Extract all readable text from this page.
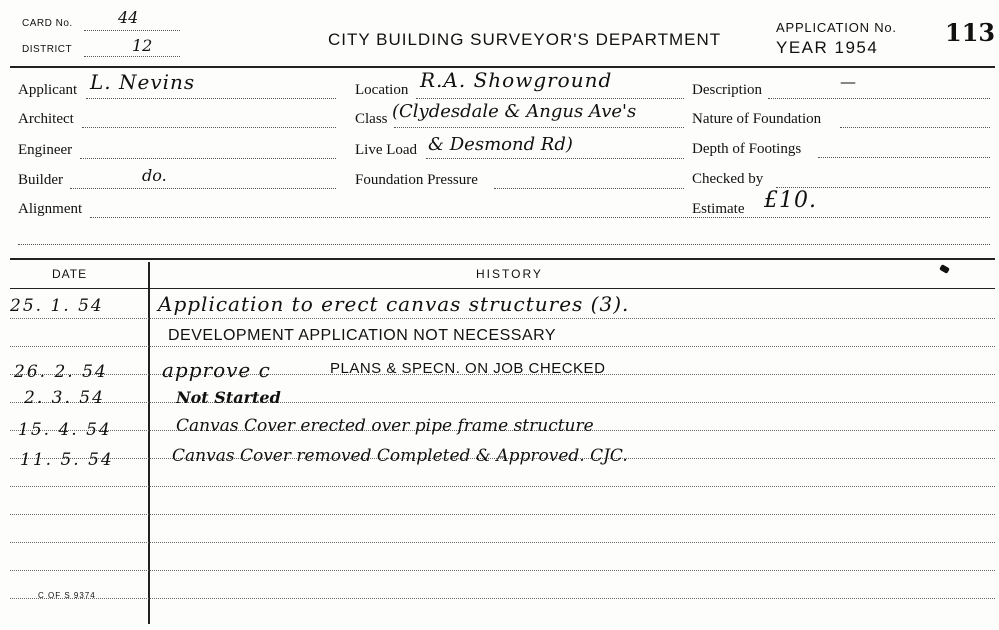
CARD No.	44
DISTRICT	12	CITY BUILDING SURVEYOR'S DEPARTMENT
APPLICATION No. 113
YEAR 1954
Applicant L. Nevins
Architect
Engineer
Builder	do.
Alignment
Location R.A. Showground
Class (Clydesdale & Angus Ave's
Live Load & Desmond Rd)
Foundation Pressure
Description	—
Nature of Foundation
Depth of Footings
Checked by
Estimate £10.
DATE	HISTORY
25. 1. 54	Application to erect canvas structures (3).
DEVELOPMENT APPLICATION NOT NECESSARY
26. 2. 54	approve c	PLANS & SPECN. ON JOB CHECKED
2. 3. 54	Not Started
15. 4. 54	Canvas Cover erected over pipe frame structure
11. 5. 54	Canvas Cover removed Completed & Approved. CJC.
C OF S 9374
